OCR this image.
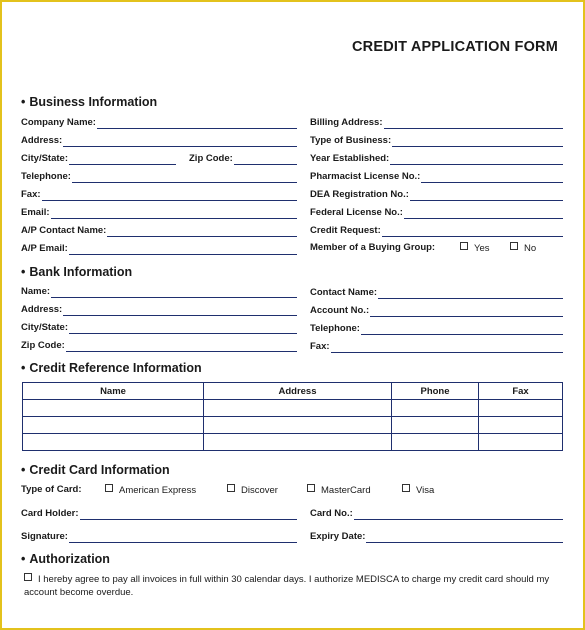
CREDIT APPLICATION FORM
• Business Information
Company Name:
Address:
City/State:	Zip Code:
Telephone:
Fax:
Email:
A/P Contact Name:
A/P Email:
Billing Address:
Type of Business:
Year Established:
Pharmacist License No.:
DEA Registration No.:
Federal License No.:
Credit Request:
Member of a Buying Group:	Yes	No
• Bank Information
Name:
Address:
City/State:
Zip Code:
Contact Name:
Account No.:
Telephone:
Fax:
• Credit Reference Information
Name	Address	Phone	Fax

• Credit Card Information
Type of Card:	American Express	Discover	MasterCard	Visa
Card Holder:	Card No.:
Signature:	Expiry Date:
• Authorization
I hereby agree to pay all invoices in full within 30 calendar days. I authorize MEDISCA to charge my credit card should my account become overdue.
